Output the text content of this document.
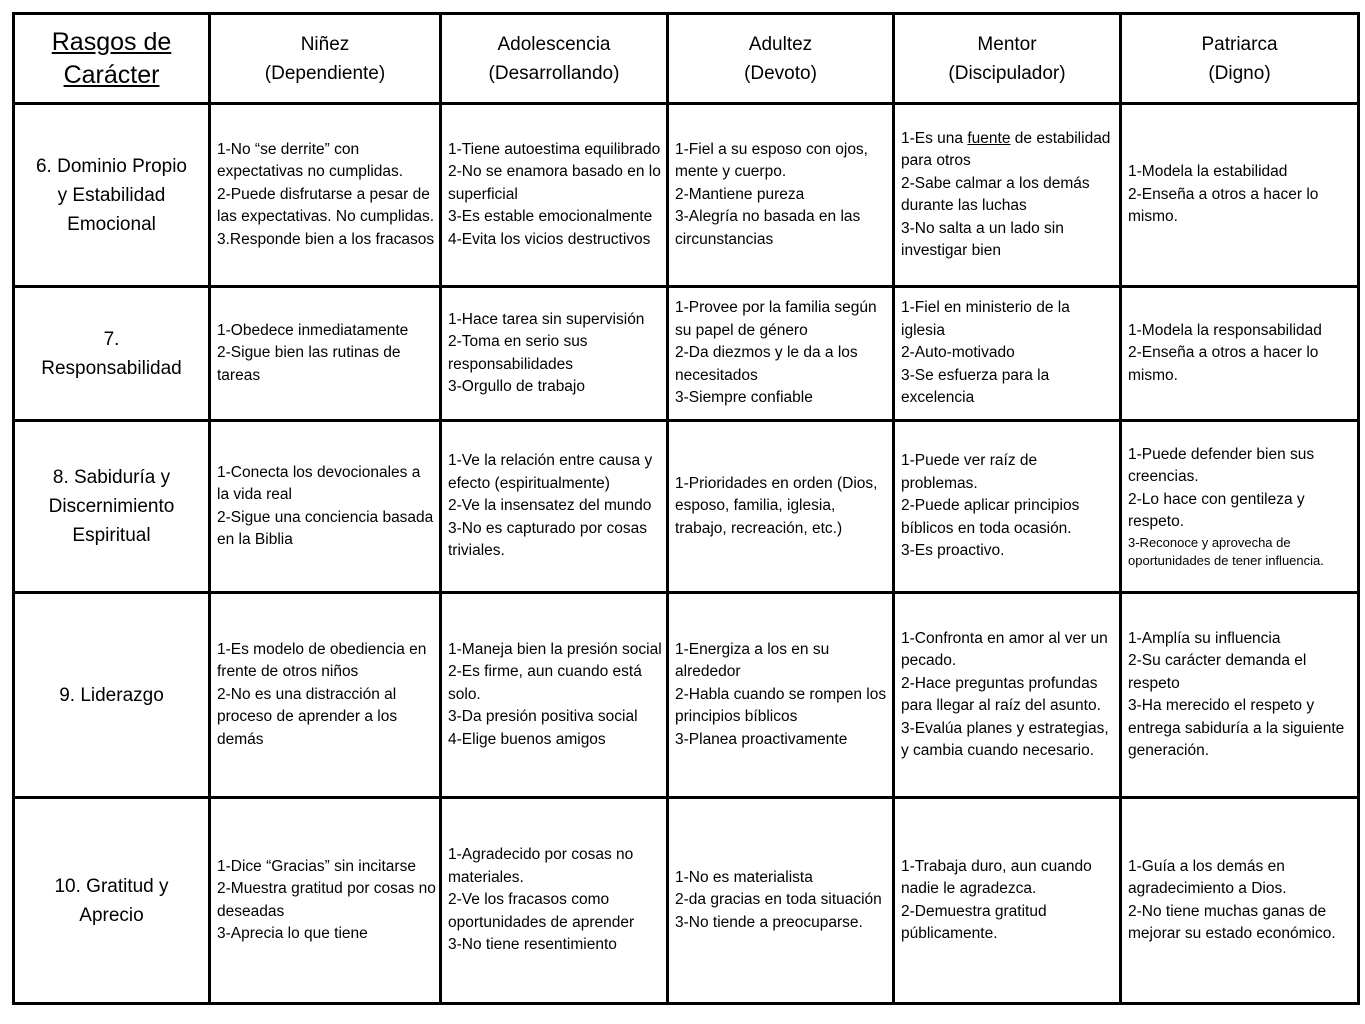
Rasgos de
Carácter	Niñez
(Dependiente)	Adolescencia
(Desarrollando)	Adultez
(Devoto)	Mentor
(Discipulador)	Patriarca
(Digno)

6. Dominio Propio
y Estabilidad
Emocional	1-No “se derrite” con expectativas no cumplidas.
2-Puede disfrutarse a pesar de las expectativas. No cumplidas.
3.Responde bien a los fracasos	1-Tiene autoestima equilibrado
2-No se enamora basado en lo superficial
3-Es estable emocionalmente
4-Evita los vicios destructivos	1-Fiel a su esposo con ojos, mente y cuerpo.
2-Mantiene pureza
3-Alegría no basada en las circunstancias	1-Es una fuente de estabilidad para otros
2-Sabe calmar a los demás durante las luchas
3-No salta a un lado sin investigar bien	1-Modela la estabilidad
2-Enseña a otros a hacer lo mismo.

7.
Responsabilidad	1-Obedece inmediatamente
2-Sigue bien las rutinas de tareas	1-Hace tarea sin supervisión
2-Toma en serio sus responsabilidades
3-Orgullo de trabajo	1-Provee por la familia según su papel de género
2-Da diezmos y le da a los necesitados
3-Siempre confiable	1-Fiel en ministerio de la iglesia
2-Auto-motivado
3-Se esfuerza para la excelencia	1-Modela la responsabilidad
2-Enseña a otros a hacer lo mismo.

8. Sabiduría y
Discernimiento
Espiritual	1-Conecta los devocionales a la vida real
2-Sigue una conciencia basada en la Biblia	1-Ve la relación entre causa y efecto (espiritualmente)
2-Ve la insensatez del mundo
3-No es capturado por cosas triviales.	1-Prioridades en orden (Dios, esposo, familia, iglesia, trabajo, recreación, etc.)	1-Puede ver raíz de problemas.
2-Puede aplicar principios bíblicos en toda ocasión.
3-Es proactivo.	1-Puede defender bien sus creencias.
2-Lo hace con gentileza y respeto.
3-Reconoce y aprovecha de oportunidades de tener influencia.

9. Liderazgo	1-Es modelo de obediencia en frente de otros niños
2-No es una distracción al proceso de aprender a los demás	1-Maneja bien la presión social
2-Es firme, aun cuando está solo.
3-Da presión positiva social
4-Elige buenos amigos	1-Energiza a los en su alrededor
2-Habla cuando se rompen los principios bíblicos
3-Planea proactivamente	1-Confronta en amor al ver un pecado.
2-Hace preguntas profundas para llegar al raíz del asunto.
3-Evalúa planes y estrategias, y cambia cuando necesario.	1-Amplía su influencia
2-Su carácter demanda el respeto
3-Ha merecido el respeto y entrega sabiduría a la siguiente generación.

10. Gratitud y
Aprecio	1-Dice “Gracias” sin incitarse
2-Muestra gratitud por cosas no deseadas
3-Aprecia lo que tiene	1-Agradecido por cosas no materiales.
2-Ve los fracasos como oportunidades de aprender
3-No tiene resentimiento	1-No es materialista
2-da gracias en toda situación
3-No tiende a preocuparse.	1-Trabaja duro, aun cuando nadie le agradezca.
2-Demuestra gratitud públicamente.	1-Guía a los demás en agradecimiento a Dios.
2-No tiene muchas ganas de mejorar su estado económico.
